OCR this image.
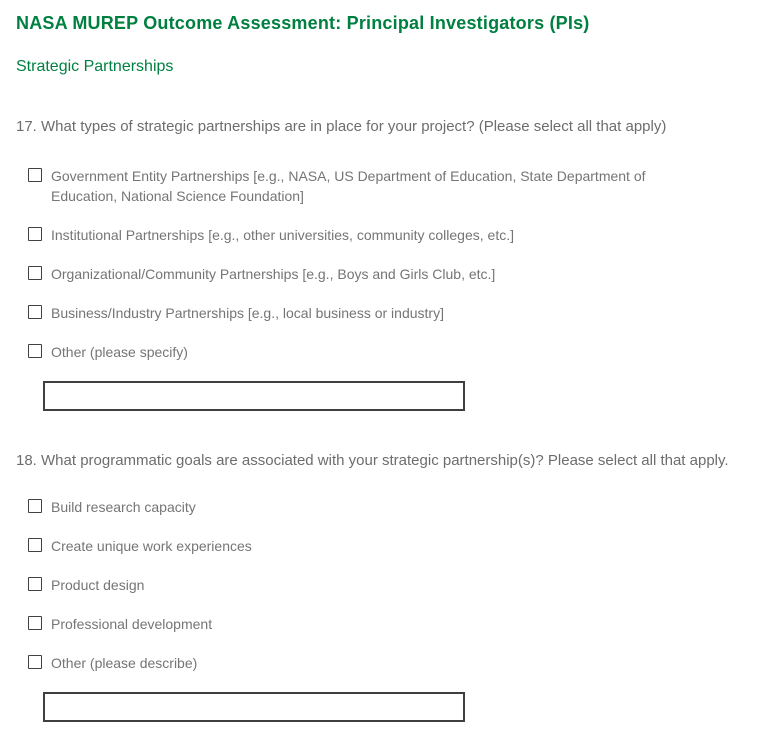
NASA MUREP Outcome Assessment: Principal Investigators (PIs)
Strategic Partnerships

17. What types of strategic partnerships are in place for your project? (Please select all that apply)

Government Entity Partnerships [e.g., NASA, US Department of Education, State Department of Education, National Science Foundation]
Institutional Partnerships [e.g., other universities, community colleges, etc.]
Organizational/Community Partnerships [e.g., Boys and Girls Club, etc.]
Business/Industry Partnerships [e.g., local business or industry]
Other (please specify)

18. What programmatic goals are associated with your strategic partnership(s)? Please select all that apply.

Build research capacity
Create unique work experiences
Product design
Professional development
Other (please describe)
